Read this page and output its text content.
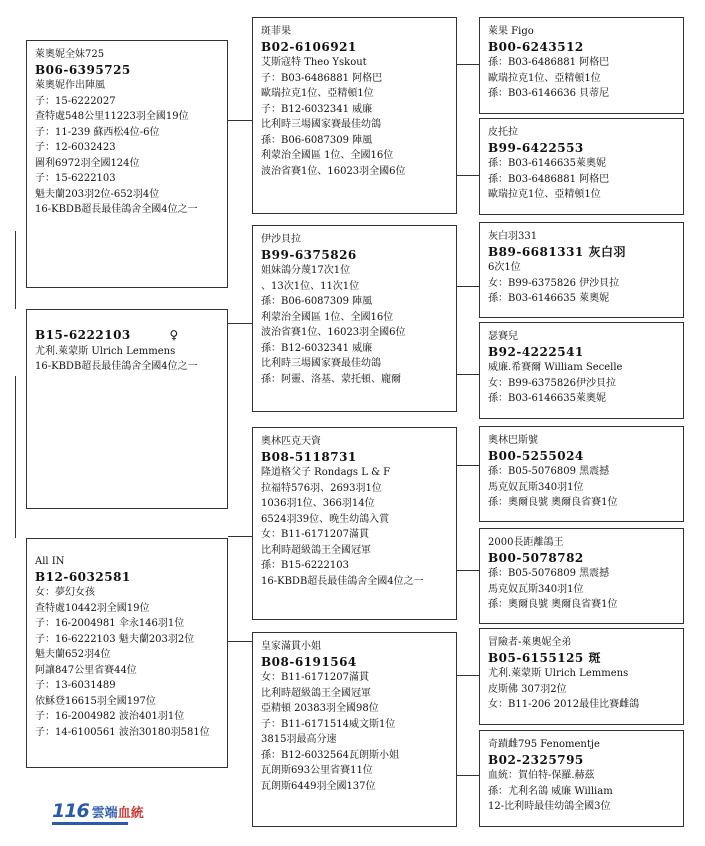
萊奧妮全妹725
B06-6395725
萊奧妮作出陣風
子：15-6222027
查特處548公里11223羽全國19位
子：11-239 蘇西松4位-6位
子：12-6032423
圖利6972羽全國124位
子：15-6222103
魁夫蘭203羽2位-652羽4位
16-KBDB超長最佳鴿舍全國4位之一
B15-6222103	♀
尤利.萊蒙斯 Ulrich Lemmens
16-KBDB超長最佳鴿舍全國4位之一
All IN
B12-6032581
女：夢幻女孩
查特處10442羽全國19位
子：16-2004981 伞永146羽1位
子：16-6222103 魁夫蘭203羽2位
魁夫蘭652羽4位
阿讓847公里省賽44位
子：13-6031489
依穌登16615羽全國197位
子：16-2004982 波治401羽1位
子：14-6100561 波治30180羽581位
斑菲果
B02-6106921
艾斯寇特 Theo Yskout
子：B03-6486881 阿格巴
歐瑞拉克1位、亞精頓1位
子：B12-6032341 威廉
比利時三場國家賽最佳幼鴿
孫：B06-6087309 陣風
利蒙治全國區 1位、全國16位
波治省賽1位、16023羽全國6位
伊沙貝拉
B99-6375826
姐妹鴿分蔑17次1位
、13次1位、11次1位
孫：B06-6087309 陣風
利蒙治全國區 1位、全國16位
波治省賽1位、16023羽全國6位
孫：B12-6032341 威廉
比利時三場國家賽最佳幼鴿
孫：阿靈、洛基、蒙托頓、龐爾
奧林匹克天資
B08-5118731
隆道格父子 Rondags L & F
拉福特576羽、2693羽1位
1036羽1位、366羽14位
6524羽39位、晚生幼鴿入賞
女：B11-6171207滿貫
比利時超級鴿王全國冠軍
孫：B15-6222103
16-KBDB超長最佳鴿舍全國4位之一
皇家滿貫小姐
B08-6191564
女：B11-6171207滿貫
比利時超級鴿王全國冠軍
亞精頓 20383羽全國98位
子：B11-6171514威文斯1位
3815羽最高分速
孫：B12-6032564瓦朗斯小姐
瓦朗斯693公里省賽11位
瓦朗斯6449羽全國137位
萊果 Figo
B00-6243512
孫：B03-6486881 阿格巴
歐瑞拉克1位、亞精頓1位
孫：B03-6146636 貝蒂尼
皮托拉
B99-6422553
孫：B03-6146635萊奧妮
孫：B03-6486881 阿格巴
歐瑞拉克1位、亞精頓1位
灰白羽331
B89-6681331 灰白羽
6次1位
女：B99-6375826 伊沙貝拉
孫：B03-6146635 萊奧妮
瑟賽兒
B92-4222541
威廉.希賽爾 William Secelle
女：B99-6375826伊沙貝拉
孫：B03-6146635萊奧妮
奧林巴斯號
B00-5255024
孫：B05-5076809 黑震撼
馬克奴瓦斯340羽1位
孫：奧爾良號 奧爾良省賽1位
2000長距離鴿王
B00-5078782
孫：B05-5076809 黑震撼
馬克奴瓦斯340羽1位
孫：奧爾良號 奧爾良省賽1位
冒險者-萊奧妮全弟
B05-6155125 斑
尤利.萊蒙斯 Ulrich Lemmens
皮斯佛 307羽2位
女：B11-206 2012最佳比賽雌鴿
奇蹟雌795 Fenomentje
B02-2325795
血統：賀伯特-保羅.赫茲
孫：尤利名鴿 威廉 William
12-比利時最佳幼鴿全國3位
116 雲端血統
